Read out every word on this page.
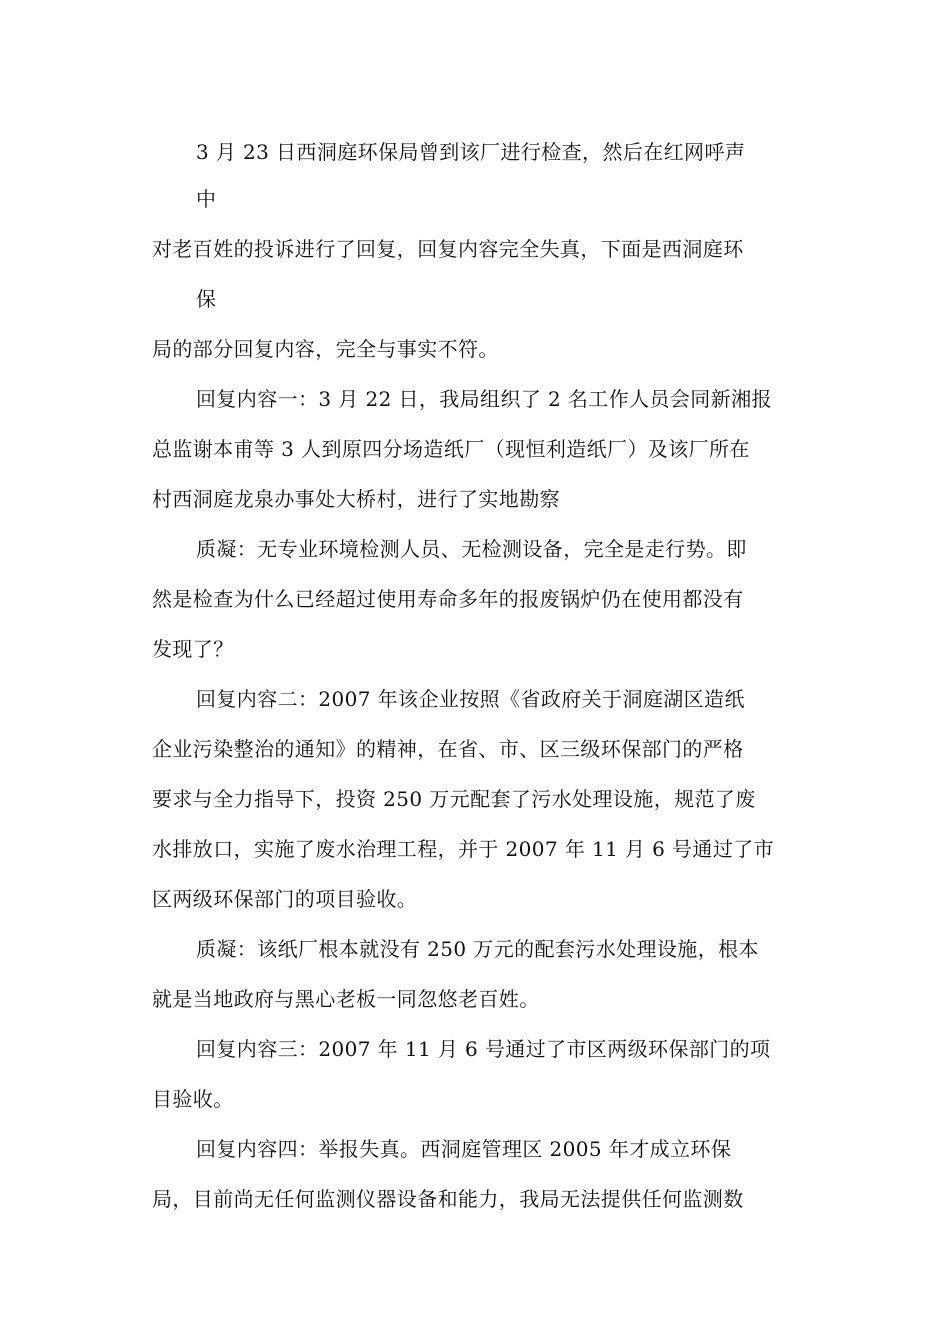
3 月 23 日西洞庭环保局曾到该厂进行检查，然后在红网呼声
中
对老百姓的投诉进行了回复，回复内容完全失真，下面是西洞庭环
保
局的部分回复内容，完全与事实不符。
回复内容一：3 月 22 日，我局组织了 2 名工作人员会同新湘报
总监谢本甫等 3 人到原四分场造纸厂（现恒利造纸厂）及该厂所在
村西洞庭龙泉办事处大桥村，进行了实地勘察
质凝：无专业环境检测人员、无检测设备，完全是走行势。即
然是检查为什么已经超过使用寿命多年的报废锅炉仍在使用都没有
发现了？
回复内容二：2007 年该企业按照《省政府关于洞庭湖区造纸
企业污染整治的通知》的精神，在省、市、区三级环保部门的严格
要求与全力指导下，投资 250 万元配套了污水处理设施，规范了废
水排放口，实施了废水治理工程，并于 2007 年 11 月 6 号通过了市
区两级环保部门的项目验收。
质凝：该纸厂根本就没有 250 万元的配套污水处理设施，根本
就是当地政府与黑心老板一同忽悠老百姓。
回复内容三：2007 年 11 月 6 号通过了市区两级环保部门的项
目验收。
回复内容四：举报失真。西洞庭管理区 2005 年才成立环保
局，目前尚无任何监测仪器设备和能力，我局无法提供任何监测数
